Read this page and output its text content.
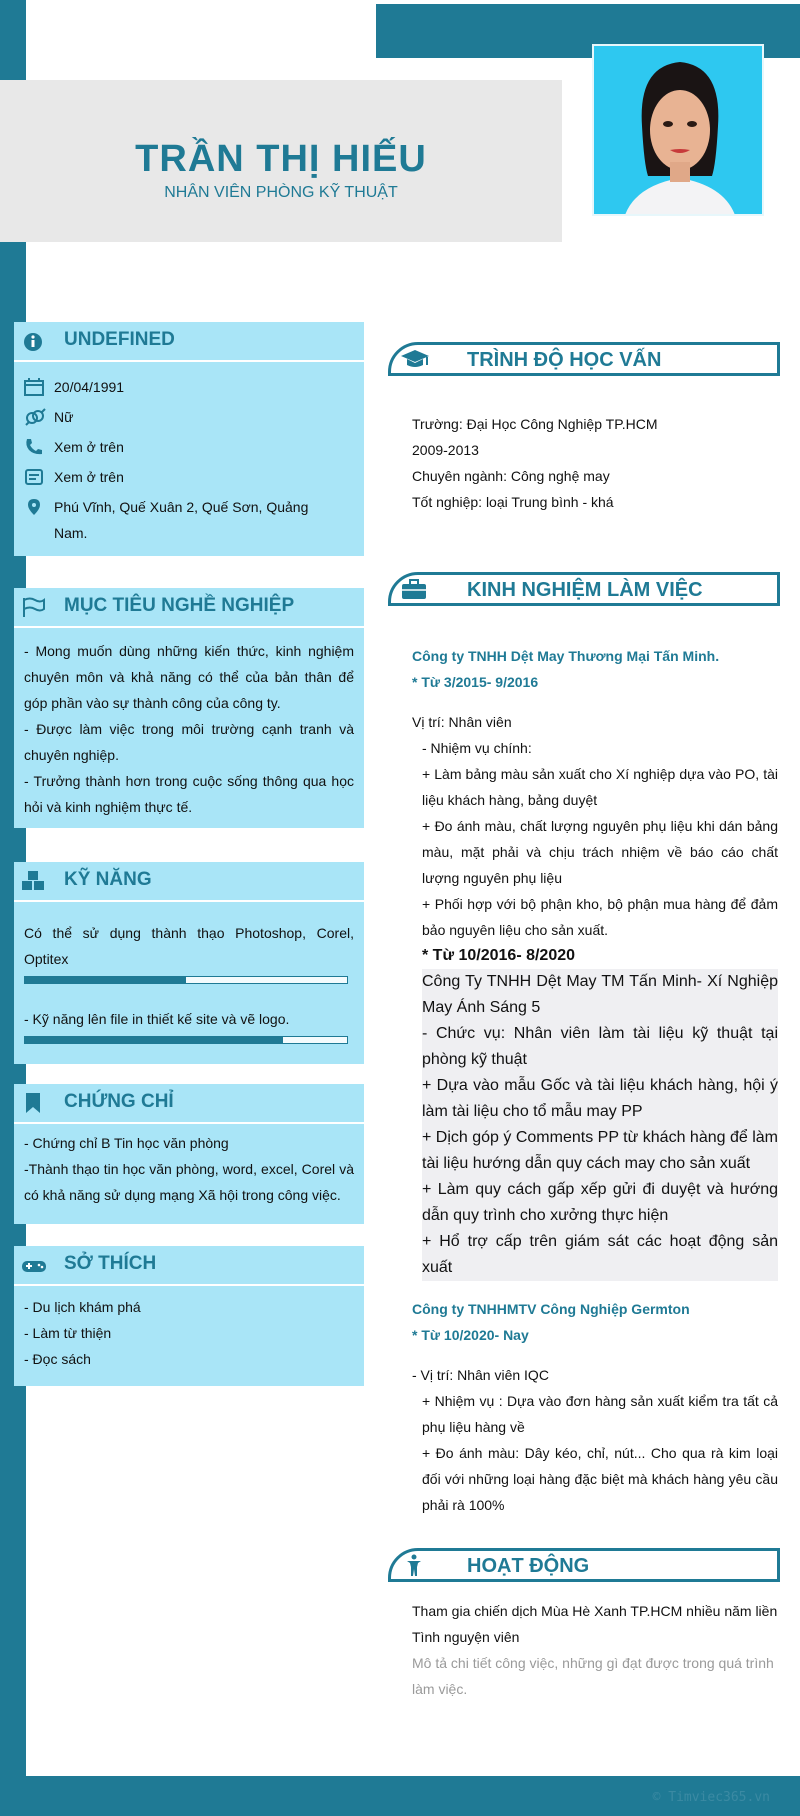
TRẦN THỊ HIẾU
NHÂN VIÊN PHÒNG KỸ THUẬT
UNDEFINED
20/04/1991
Nữ
Xem ở trên
Xem ở trên
Phú Vĩnh, Quế Xuân 2, Quế Sơn, Quảng
Nam.
MỤC TIÊU NGHỀ NGHIỆP
- Mong muốn dùng những kiến thức, kinh nghiệm chuyên môn và khả năng có thể của bản thân để góp phần vào sự thành công của công ty.
- Được làm việc trong môi trường cạnh tranh và chuyên nghiệp.
- Trưởng thành hơn trong cuộc sống thông qua học hỏi và kinh nghiệm thực tế.
KỸ NĂNG
Có thể sử dụng thành thạo Photoshop, Corel, Optitex
- Kỹ năng lên file in thiết kế site và vẽ logo.
CHỨNG CHỈ
- Chứng chỉ B Tin học văn phòng
-Thành thạo tin học văn phòng, word, excel, Corel và có khả năng sử dụng mạng Xã hội trong công việc.
SỞ THÍCH
- Du lịch khám phá
- Làm từ thiện
- Đọc sách
TRÌNH ĐỘ HỌC VẤN
Trường: Đại Học Công Nghiệp TP.HCM
2009-2013
Chuyên ngành: Công nghệ may
Tốt nghiệp: loại Trung bình - khá
KINH NGHIỆM LÀM VIỆC
Công ty TNHH Dệt May Thương Mại Tấn Minh.
* Từ 3/2015- 9/2016
Vị trí: Nhân viên
- Nhiệm vụ chính:
+ Làm bảng màu sản xuất cho Xí nghiệp dựa vào PO, tài liệu khách hàng, bảng duyệt
+ Đo ánh màu, chất lượng nguyên phụ liệu khi dán bảng màu, mặt phải và chịu trách nhiệm về báo cáo chất lượng nguyên phụ liệu
+ Phối hợp với bộ phận kho, bộ phận mua hàng để đảm bảo nguyên liệu cho sản xuất.
* Từ 10/2016- 8/2020
Công Ty TNHH Dệt May TM Tấn Minh- Xí Nghiệp May Ánh Sáng 5
- Chức vụ: Nhân viên làm tài liệu kỹ thuật tại phòng kỹ thuật
+ Dựa vào mẫu Gốc và tài liệu khách hàng, hội ý làm tài liệu cho tổ mẫu may PP
+ Dịch góp ý Comments PP từ khách hàng để làm tài liệu hướng dẫn quy cách may cho sản xuất
+ Làm quy cách gấp xếp gửi đi duyệt và hướng dẫn quy trình cho xưởng thực hiện
+ Hổ trợ cấp trên giám sát các hoạt động sản xuất
Công ty TNHHMTV Công Nghiệp Germton
* Từ 10/2020- Nay
- Vị trí: Nhân viên IQC
+ Nhiệm vụ : Dựa vào đơn hàng sản xuất kiểm tra tất cả phụ liệu hàng về
+ Đo ánh màu: Dây kéo, chỉ, nút... Cho qua rà kim loại đối với những loại hàng đặc biệt mà khách hàng yêu cầu phải rà 100%
HOẠT ĐỘNG
Tham gia chiến dịch Mùa Hè Xanh TP.HCM nhiều năm liền
Tình nguyện viên
Mô tả chi tiết công việc, những gì đạt được trong quá trình làm việc.
© Timviec365.vn
